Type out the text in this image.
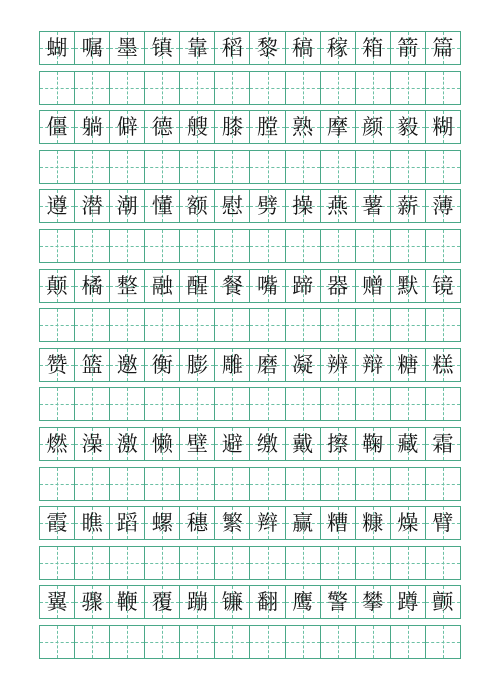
蝴 嘱 墨 镇 靠 稻 黎 稿 稼 箱 箭 篇
僵 躺 僻 德 艘 膝 膛 熟 摩 颜 毅 糊
遵 潜 潮 懂 额 慰 劈 操 燕 薯 薪 薄
颠 橘 整 融 醒 餐 嘴 蹄 器 赠 默 镜
赞 篮 邀 衡 膨 雕 磨 凝 辨 辩 糖 糕
燃 澡 激 懒 壁 避 缴 戴 擦 鞠 藏 霜
霞 瞧 蹈 螺 穗 繁 辫 赢 糟 糠 燥 臂
翼 骤 鞭 覆 蹦 镰 翻 鹰 警 攀 蹲 颤
